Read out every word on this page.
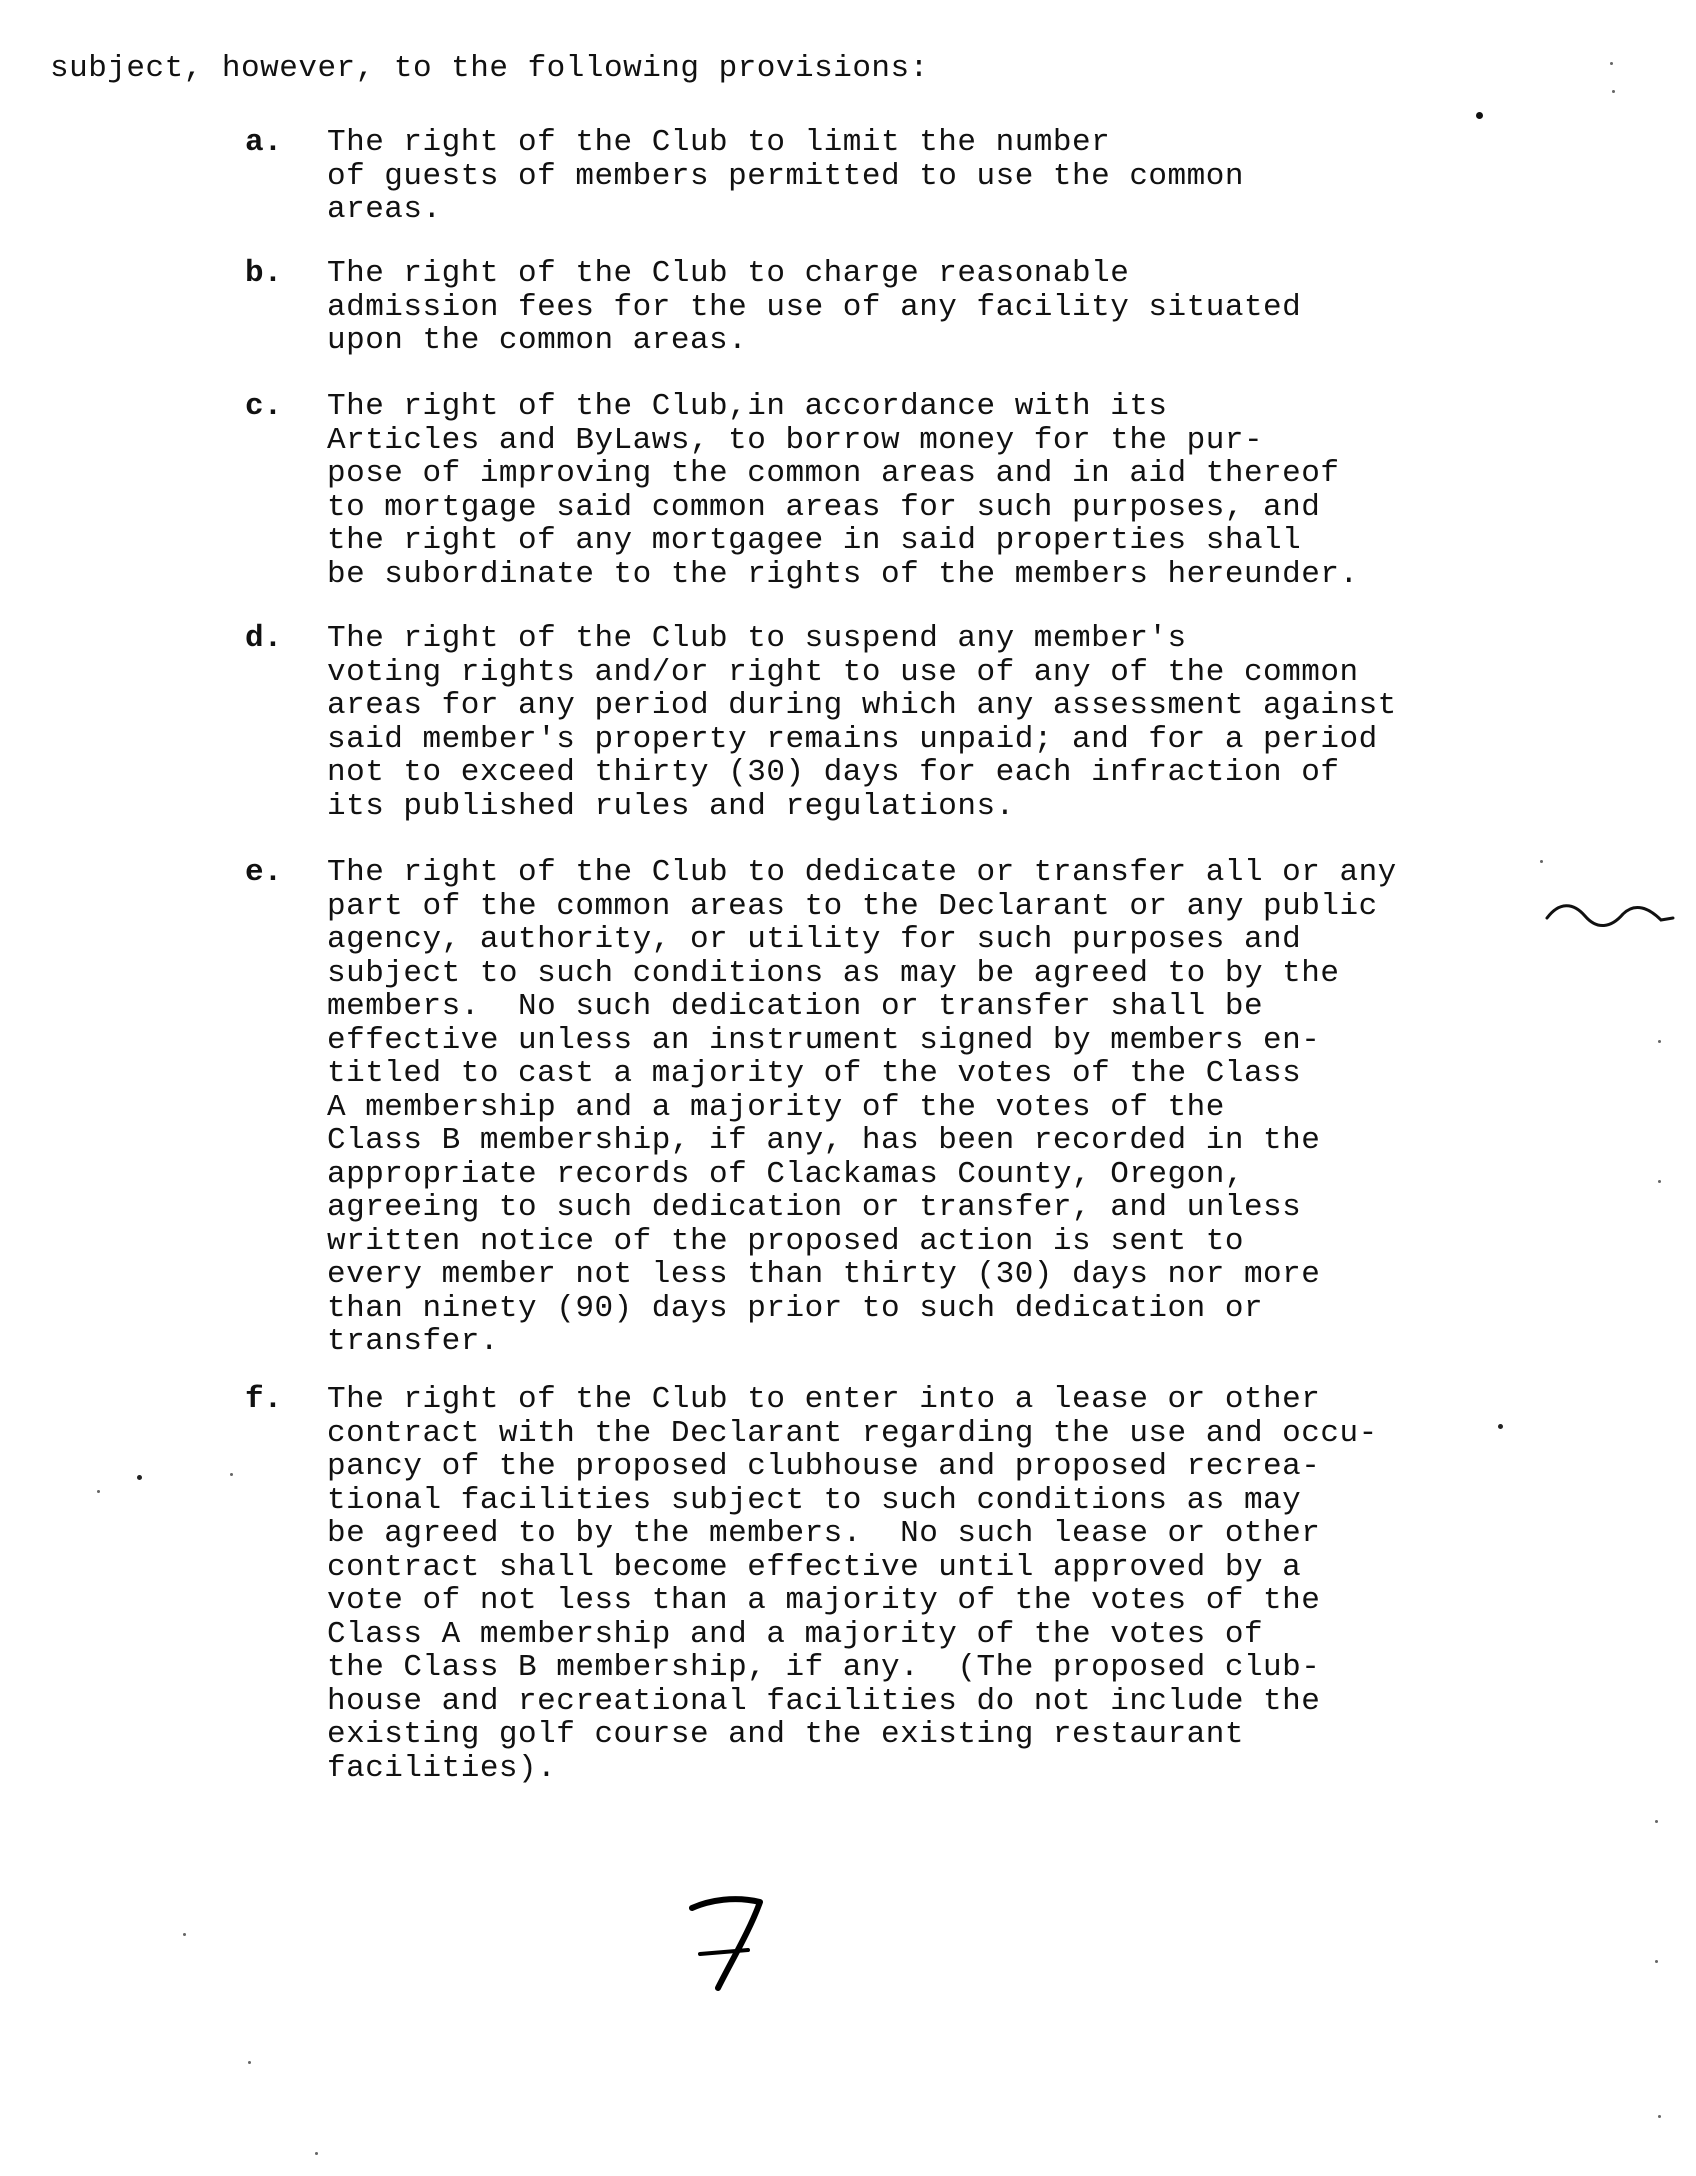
subject, however, to the following provisions:
a. The right of the Club to limit the number
of guests of members permitted to use the common
areas.
b. The right of the Club to charge reasonable
admission fees for the use of any facility situated
upon the common areas.
c. The right of the Club,in accordance with its
Articles and ByLaws, to borrow money for the pur-
pose of improving the common areas and in aid thereof
to mortgage said common areas for such purposes, and
the right of any mortgagee in said properties shall
be subordinate to the rights of the members hereunder.
d. The right of the Club to suspend any member's
voting rights and/or right to use of any of the common
areas for any period during which any assessment against
said member's property remains unpaid; and for a period
not to exceed thirty (30) days for each infraction of
its published rules and regulations.
e. The right of the Club to dedicate or transfer all or any
part of the common areas to the Declarant or any public
agency, authority, or utility for such purposes and
subject to such conditions as may be agreed to by the
members.  No such dedication or transfer shall be
effective unless an instrument signed by members en-
titled to cast a majority of the votes of the Class
A membership and a majority of the votes of the
Class B membership, if any, has been recorded in the
appropriate records of Clackamas County, Oregon,
agreeing to such dedication or transfer, and unless
written notice of the proposed action is sent to
every member not less than thirty (30) days nor more
than ninety (90) days prior to such dedication or
transfer.
f. The right of the Club to enter into a lease or other
contract with the Declarant regarding the use and occu-
pancy of the proposed clubhouse and proposed recrea-
tional facilities subject to such conditions as may
be agreed to by the members.  No such lease or other
contract shall become effective until approved by a
vote of not less than a majority of the votes of the
Class A membership and a majority of the votes of
the Class B membership, if any.  (The proposed club-
house and recreational facilities do not include the
existing golf course and the existing restaurant
facilities).
